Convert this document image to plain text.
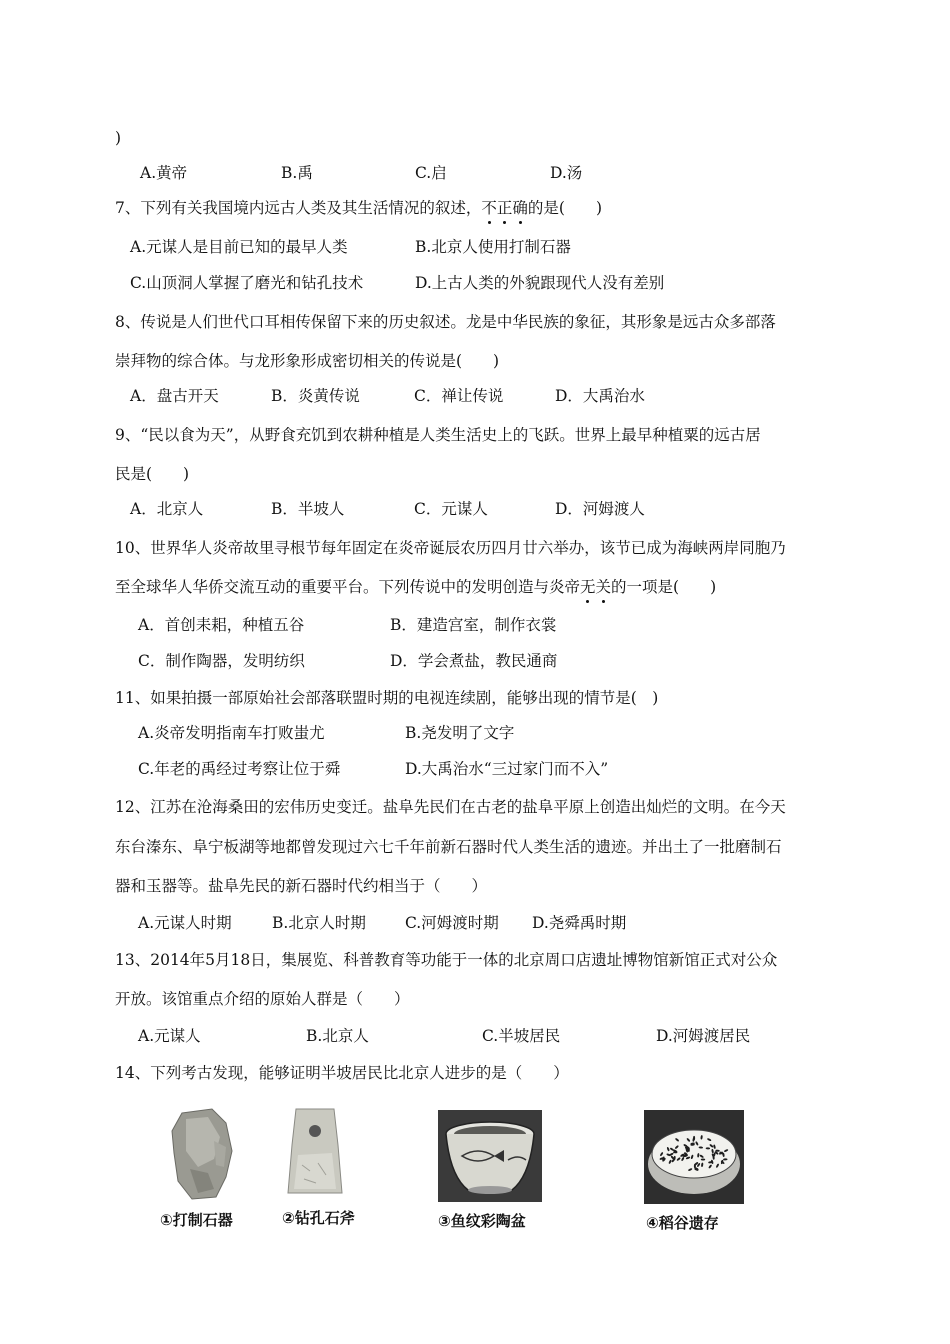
)
A.黄帝	B.禹	C.启	D.汤
7、下列有关我国境内远古人类及其生活情况的叙述，不正确的是(　　)
A.元谋人是目前已知的最早人类	B.北京人使用打制石器
C.山顶洞人掌握了磨光和钻孔技术	D.上古人类的外貌跟现代人没有差别
8、传说是人们世代口耳相传保留下来的历史叙述。龙是中华民族的象征，其形象是远古众多部落
崇拜物的综合体。与龙形象形成密切相关的传说是(　　)
A．盘古开天	B．炎黄传说	C．禅让传说	D．大禹治水
9、“民以食为天”，从野食充饥到农耕种植是人类生活史上的飞跃。世界上最早种植粟的远古居
民是(　　)
A．北京人	B．半坡人	C．元谋人	D．河姆渡人
10、世界华人炎帝故里寻根节每年固定在炎帝诞辰农历四月廿六举办，该节已成为海峡两岸同胞乃
至全球华人华侨交流互动的重要平台。下列传说中的发明创造与炎帝无关的一项是(　　)
A．首创耒耜，种植五谷	B．建造宫室，制作衣裳
C．制作陶器，发明纺织	D．学会煮盐，教民通商
11、如果拍摄一部原始社会部落联盟时期的电视连续剧，能够出现的情节是(　)
A.炎帝发明指南车打败蚩尤	B.尧发明了文字
C.年老的禹经过考察让位于舜	D.大禹治水“三过家门而不入”
12、江苏在沧海桑田的宏伟历史变迁。盐阜先民们在古老的盐阜平原上创造出灿烂的文明。在今天
东台溱东、阜宁板湖等地都曾发现过六七千年前新石器时代人类生活的遗迹。并出土了一批磨制石
器和玉器等。盐阜先民的新石器时代约相当于（　　）
A.元谋人时期	B.北京人时期	C.河姆渡时期 D.尧舜禹时期
13、2014年5月18日，集展览、科普教育等功能于一体的北京周口店遗址博物馆新馆正式对公众
开放。该馆重点介绍的原始人群是（　　）
A.元谋人	B.北京人	C.半坡居民	D.河姆渡居民
14、下列考古发现，能够证明半坡居民比北京人进步的是（　　）
①打制石器	②钻孔石斧	③鱼纹彩陶盆	④稻谷遗存
